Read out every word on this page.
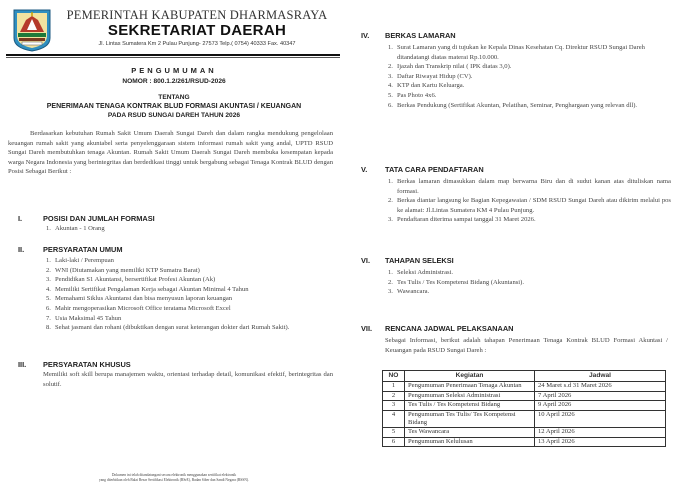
PEMERINTAH KABUPATEN DHARMASRAYA
SEKRETARIAT DAERAH
Jl. Lintas Sumatera Km 2 Pulau Punjung- 27573 Telp.( 0754) 40333 Fax. 40347
PENGUMUMAN
NOMOR : 800.1.2/261/RSUD-2026
TENTANG
PENERIMAAN TENAGA KONTRAK BLUD FORMASI AKUNTASI / KEUANGAN
PADA RSUD SUNGAI DAREH TAHUN 2026

Berdasarkan kebutuhan Rumah Sakit Umum Daerah Sungai Dareh dan dalam rangka mendukung pengelolaan keuangan rumah sakit yang akuntabel serta penyelenggaraan sistem informasi rumah sakit yang andal, UPTD RSUD Sungai Dareh membutuhkan tenaga Akuntan. Rumah Sakit Umum Daerah Sungai Dareh membuka kesempatan kepada warga Negara Indonesia yang berintegritas dan berdedikasi tinggi untuk bergabung sebagai Tenaga Kontrak BLUD dengan Posisi Sebagai Berikut :

I.	POSISI DAN JUMLAH FORMASI
1. Akuntan - 1 Orang
II.	PERSYARATAN UMUM
1. Laki-laki / Perempuan
2. WNI (Diutamakan yang memiliki KTP Sumatra Barat)
3. Pendidikan S1 Akuntansi, bersertifikat Profesi Akuntan (Ak)
4. Memiliki Sertifikat Pengalaman Kerja sebagai Akuntan Minimal 4 Tahun
5. Memahami Siklus Akuntansi dan bisa menyusun laporan keuangan
6. Mahir mengoperasikan Microsoft Office teratama Microsoft Excel
7. Usia Maksimal 45 Tahun
8. Sehat jasmani dan rohani (dibuktikan dengan surat keterangan dokter dari Rumah Sakit).
III. PERSYARATAN KHUSUS

Memiliki soft skill berupa manajemen waktu, orientasi terhadap detail, komunikasi efektif, berintegritas dan solutif.

Dokumen ini telah ditandatangani secara elektronik menggunakan sertifikat elektronik
yang diterbitkan oleh Balai Besar Sertifikasi Elektronik (BSrE), Badan Siber dan Sandi Negara (BSSN).
IV. BERKAS LAMARAN
1. Surat Lamaran yang di tujukan ke Kepala Dinas Kesehatan Cq. Direktur RSUD Sungai Dareh ditandatangi diatas materai Rp.10.000.
2. Ijazah dan Transkrip nilai ( IPK diatas 3,0).
3. Daftar Riwayat Hidup (CV).
4. KTP dan Kartu Keluarga.
5. Pas Photo 4x6.
6. Berkas Pendukung (Sertifikat Akuntan, Pelatihan, Seminar, Penghargaan yang relevan dll).
V. TATA CARA PENDAFTARAN
1. Berkas lamaran dimasukkan dalam map berwarna Biru dan di sudut kanan atas dituliskan nama formasi.
2. Berkas diantar langsung ke Bagian Kepegawaian / SDM RSUD Sungai Dareh atau dikirim melalui pos ke alamat: Jl.Lintas Sumatera KM 4 Pulau Punjung.
3. Pendaftaran diterima sampai tanggal 31 Maret 2026.
VI. TAHAPAN SELEKSI
1. Seleksi Administrasi.
2. Tes Tulis / Tes Kompetensi Bidang (Akuntansi).
3. Wawancara.
VII. RENCANA JADWAL PELAKSANAAN

Sebagai Informasi, berikut adalah tahapan Penerimaan Tenaga Kontrak BLUD Formasi Akuntasi / Keuangan pada RSUD Sungai Dareh :

NO	Kegiatan	Jadwal
1	Pengumuman Penerimaan Tenaga Akuntan	24 Maret s.d 31 Maret 2026
2	Pengumuman Seleksi Administrasi	7 April 2026
3	Tes Tulis / Tes Kompetensi Bidang	9 April 2026
4	Pengumuman Tes Tulis/ Tes Kompetensi Bidang	10 April 2026
5	Tes Wawancara	12 April 2026
6	Pengumuman Kelulusan	13 April 2026
